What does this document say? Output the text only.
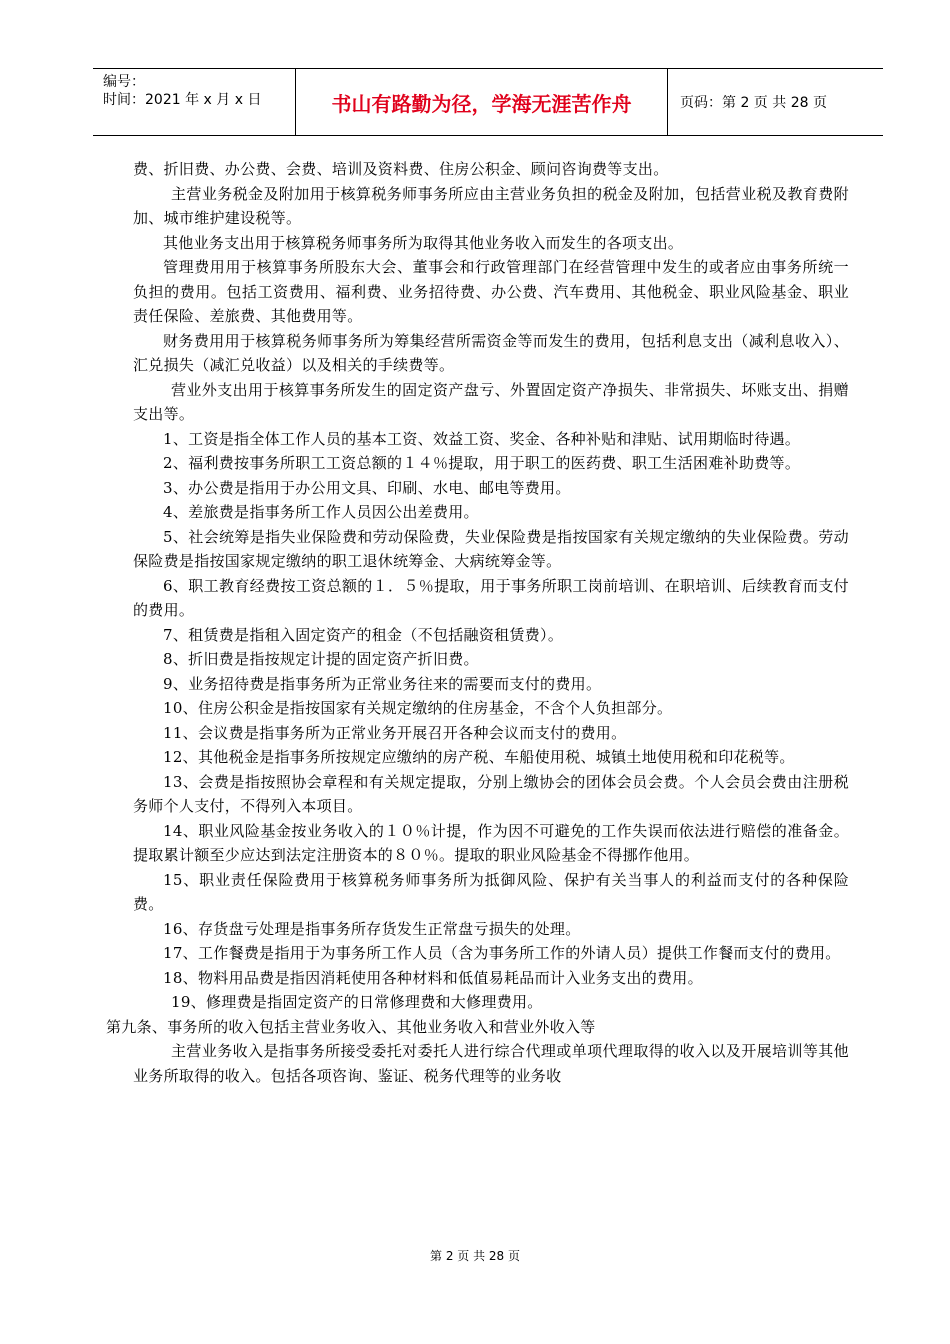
编号：
时间：2021 年 x 月 x 日	书山有路勤为径，学海无涯苦作舟	页码：第 2 页 共 28 页

费、折旧费、办公费、会费、培训及资料费、住房公积金、顾问咨询费等支出。

主营业务税金及附加用于核算税务师事务所应由主营业务负担的税金及附加，包括营业税及教育费附加、城市维护建设税等。

其他业务支出用于核算税务师事务所为取得其他业务收入而发生的各项支出。

管理费用用于核算事务所股东大会、董事会和行政管理部门在经营管理中发生的或者应由事务所统一负担的费用。包括工资费用、福利费、业务招待费、办公费、汽车费用、其他税金、职业风险基金、职业责任保险、差旅费、其他费用等。

财务费用用于核算税务师事务所为筹集经营所需资金等而发生的费用，包括利息支出（减利息收入）、汇兑损失（减汇兑收益）以及相关的手续费等。

营业外支出用于核算事务所发生的固定资产盘亏、外置固定资产净损失、非常损失、坏账支出、捐赠支出等。

1、工资是指全体工作人员的基本工资、效益工资、奖金、各种补贴和津贴、试用期临时待遇。

2、福利费按事务所职工工资总额的１４％提取，用于职工的医药费、职工生活困难补助费等。

3、办公费是指用于办公用文具、印刷、水电、邮电等费用。

4、差旅费是指事务所工作人员因公出差费用。

5、社会统筹是指失业保险费和劳动保险费，失业保险费是指按国家有关规定缴纳的失业保险费。劳动保险费是指按国家规定缴纳的职工退休统筹金、大病统筹金等。

6、职工教育经费按工资总额的１．５％提取，用于事务所职工岗前培训、在职培训、后续教育而支付的费用。

7、租赁费是指租入固定资产的租金（不包括融资租赁费）。

8、折旧费是指按规定计提的固定资产折旧费。

9、业务招待费是指事务所为正常业务往来的需要而支付的费用。

10、住房公积金是指按国家有关规定缴纳的住房基金，不含个人负担部分。

11、会议费是指事务所为正常业务开展召开各种会议而支付的费用。

12、其他税金是指事务所按规定应缴纳的房产税、车船使用税、城镇土地使用税和印花税等。

13、会费是指按照协会章程和有关规定提取，分别上缴协会的团体会员会费。个人会员会费由注册税务师个人支付，不得列入本项目。

14、职业风险基金按业务收入的１０％计提，作为因不可避免的工作失误而依法进行赔偿的准备金。提取累计额至少应达到法定注册资本的８０％。提取的职业风险基金不得挪作他用。

15、职业责任保险费用于核算税务师事务所为抵御风险、保护有关当事人的利益而支付的各种保险费。

16、存货盘亏处理是指事务所存货发生正常盘亏损失的处理。

17、工作餐费是指用于为事务所工作人员（含为事务所工作的外请人员）提供工作餐而支付的费用。

18、物料用品费是指因消耗使用各种材料和低值易耗品而计入业务支出的费用。

19、修理费是指固定资产的日常修理费和大修理费用。

第九条、事务所的收入包括主营业务收入、其他业务收入和营业外收入等

主营业务收入是指事务所接受委托对委托人进行综合代理或单项代理取得的收入以及开展培训等其他业务所取得的收入。包括各项咨询、鉴证、税务代理等的业务收

第 2 页 共 28 页
